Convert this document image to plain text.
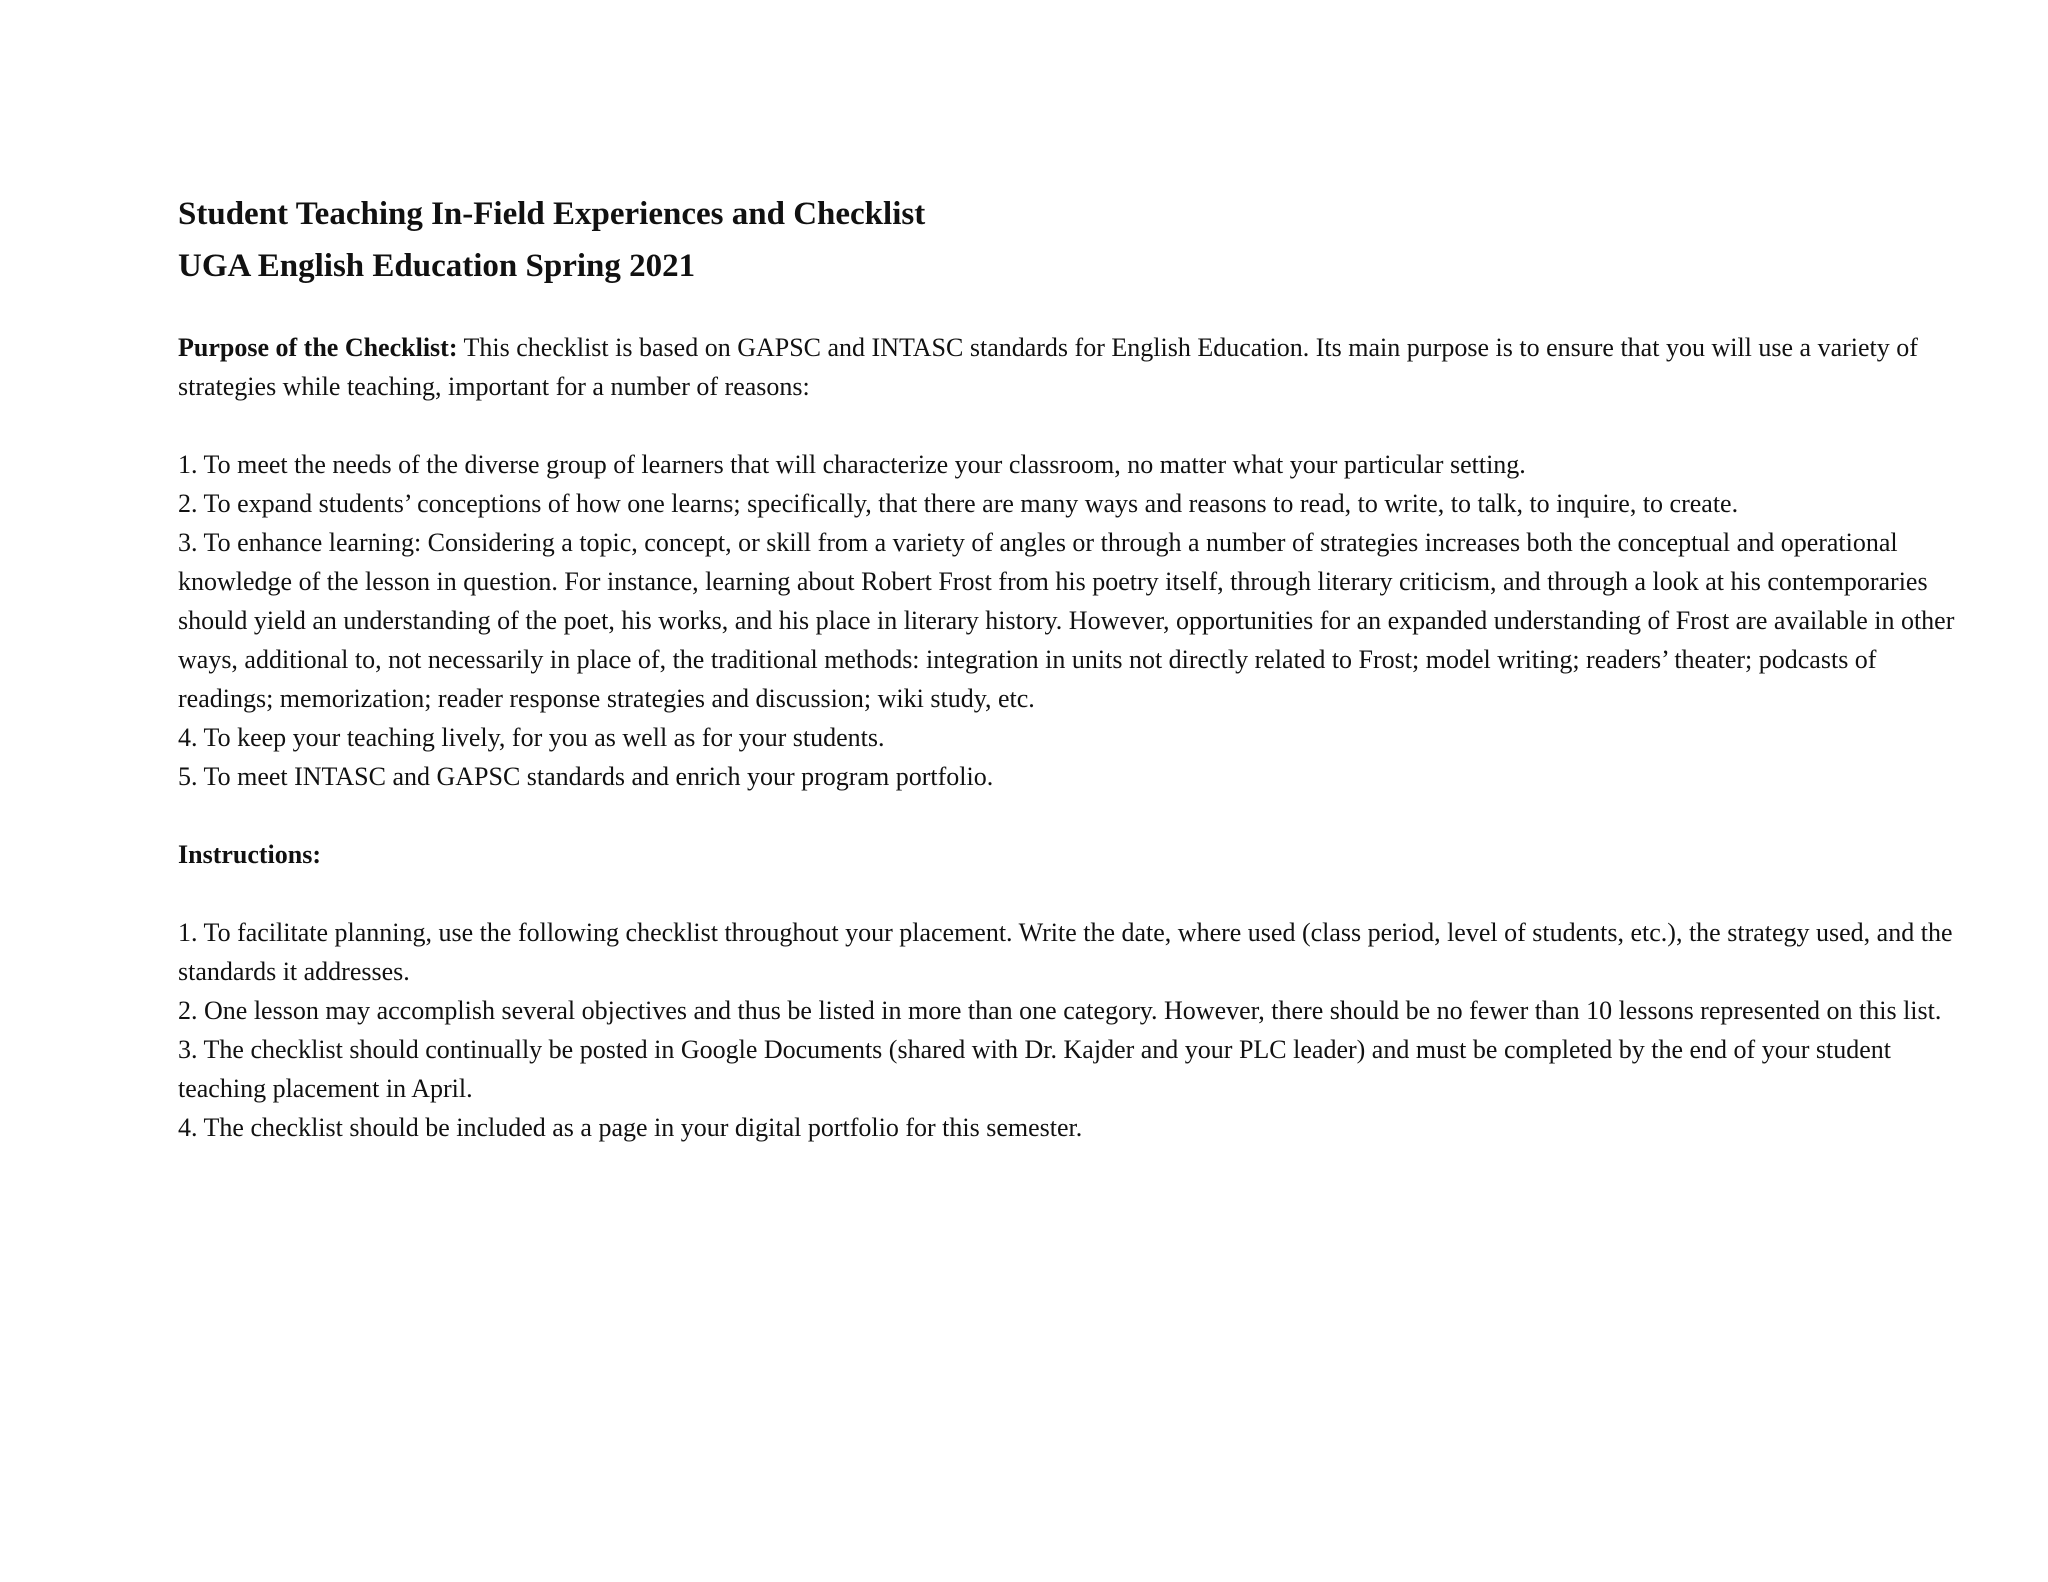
Student Teaching In-Field Experiences and Checklist
UGA English Education Spring 2021

Purpose of the Checklist: This checklist is based on GAPSC and INTASC standards for English Education. Its main purpose is to ensure that you will use a variety of strategies while teaching, important for a number of reasons:

1. To meet the needs of the diverse group of learners that will characterize your classroom, no matter what your particular setting.
2. To expand students’ conceptions of how one learns; specifically, that there are many ways and reasons to read, to write, to talk, to inquire, to create.
3. To enhance learning: Considering a topic, concept, or skill from a variety of angles or through a number of strategies increases both the conceptual and operational knowledge of the lesson in question. For instance, learning about Robert Frost from his poetry itself, through literary criticism, and through a look at his contemporaries should yield an understanding of the poet, his works, and his place in literary history. However, opportunities for an expanded understanding of Frost are available in other ways, additional to, not necessarily in place of, the traditional methods: integration in units not directly related to Frost; model writing; readers’ theater; podcasts of readings; memorization; reader response strategies and discussion; wiki study, etc.
4. To keep your teaching lively, for you as well as for your students.
5. To meet INTASC and GAPSC standards and enrich your program portfolio.

Instructions:

1. To facilitate planning, use the following checklist throughout your placement. Write the date, where used (class period, level of students, etc.), the strategy used, and the standards it addresses.
2. One lesson may accomplish several objectives and thus be listed in more than one category. However, there should be no fewer than 10 lessons represented on this list.
3. The checklist should continually be posted in Google Documents (shared with Dr. Kajder and your PLC leader) and must be completed by the end of your student teaching placement in April.
4. The checklist should be included as a page in your digital portfolio for this semester.
